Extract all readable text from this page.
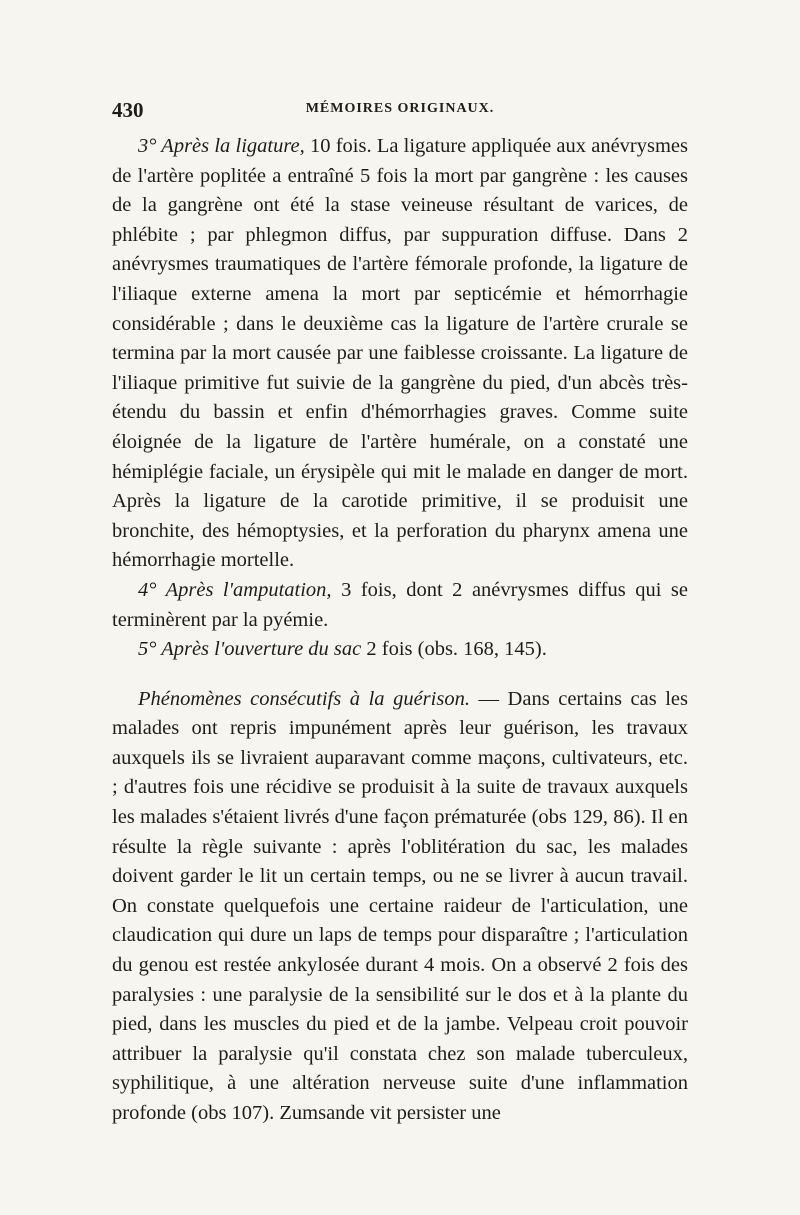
430	MÉMOIRES ORIGINAUX.

3° Après la ligature, 10 fois. La ligature appliquée aux anévrysmes de l'artère poplitée a entraîné 5 fois la mort par gangrène : les causes de la gangrène ont été la stase veineuse résultant de varices, de phlébite ; par phlegmon diffus, par suppuration diffuse. Dans 2 anévrysmes traumatiques de l'artère fémorale profonde, la ligature de l'iliaque externe amena la mort par septicémie et hémorrhagie considérable ; dans le deuxième cas la ligature de l'artère crurale se termina par la mort causée par une faiblesse croissante. La ligature de l'iliaque primitive fut suivie de la gangrène du pied, d'un abcès très-étendu du bassin et enfin d'hémorrhagies graves. Comme suite éloignée de la ligature de l'artère humérale, on a constaté une hémiplégie faciale, un érysipèle qui mit le malade en danger de mort. Après la ligature de la carotide primitive, il se produisit une bronchite, des hémoptysies, et la perforation du pharynx amena une hémorrhagie mortelle.

4° Après l'amputation, 3 fois, dont 2 anévrysmes diffus qui se terminèrent par la pyémie.

5° Après l'ouverture du sac 2 fois (obs. 168, 145).

Phénomènes consécutifs à la guérison. — Dans certains cas les malades ont repris impunément après leur guérison, les travaux auxquels ils se livraient auparavant comme maçons, cultivateurs, etc. ; d'autres fois une récidive se produisit à la suite de travaux auxquels les malades s'étaient livrés d'une façon prématurée (obs 129, 86). Il en résulte la règle suivante : après l'oblitération du sac, les malades doivent garder le lit un certain temps, ou ne se livrer à aucun travail. On constate quelquefois une certaine raideur de l'articulation, une claudication qui dure un laps de temps pour disparaître ; l'articulation du genou est restée ankylosée durant 4 mois. On a observé 2 fois des paralysies : une paralysie de la sensibilité sur le dos et à la plante du pied, dans les muscles du pied et de la jambe. Velpeau croit pouvoir attribuer la paralysie qu'il constata chez son malade tuberculeux, syphilitique, à une altération nerveuse suite d'une inflammation profonde (obs 107). Zumsande vit persister une
